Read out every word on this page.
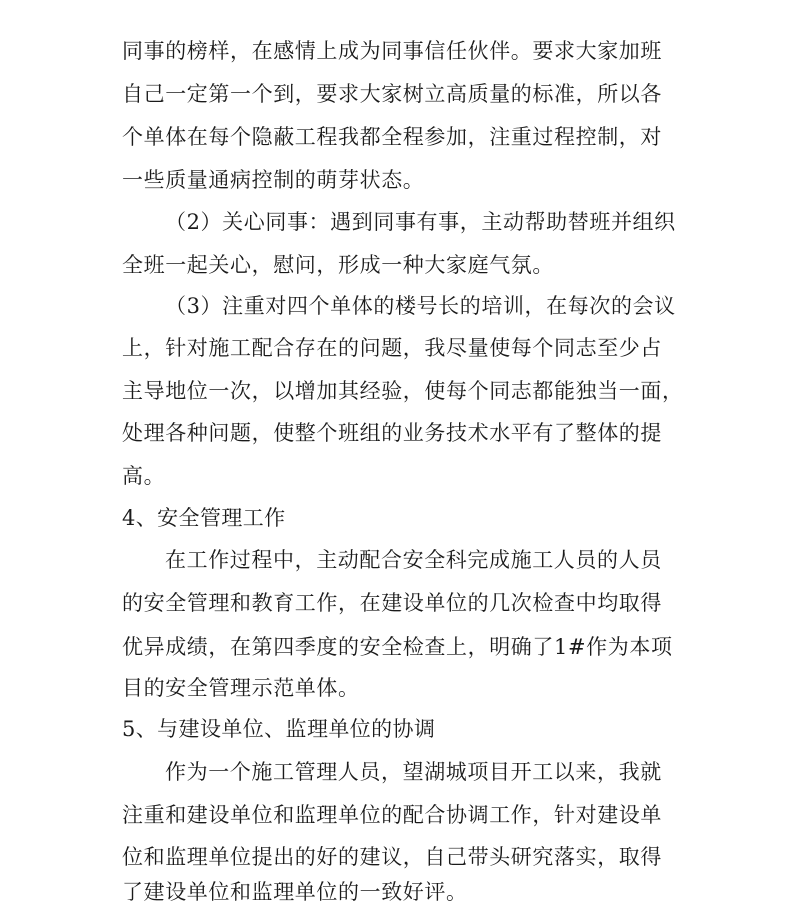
同事的榜样，在感情上成为同事信任伙伴。要求大家加班
自己一定第一个到，要求大家树立高质量的标准，所以各
个单体在每个隐蔽工程我都全程参加，注重过程控制，对
一些质量通病控制的萌芽状态。
（2）关心同事：遇到同事有事，主动帮助替班并组织
全班一起关心，慰问，形成一种大家庭气氛。
（3）注重对四个单体的楼号长的培训，在每次的会议
上，针对施工配合存在的问题，我尽量使每个同志至少占
主导地位一次，以增加其经验，使每个同志都能独当一面，
处理各种问题，使整个班组的业务技术水平有了整体的提
高。
4、安全管理工作
在工作过程中，主动配合安全科完成施工人员的人员
的安全管理和教育工作，在建设单位的几次检查中均取得
优异成绩，在第四季度的安全检查上，明确了1#作为本项
目的安全管理示范单体。
5、与建设单位、监理单位的协调
作为一个施工管理人员，望湖城项目开工以来，我就
注重和建设单位和监理单位的配合协调工作，针对建设单
位和监理单位提出的好的建议，自己带头研究落实，取得
了建设单位和监理单位的一致好评。
